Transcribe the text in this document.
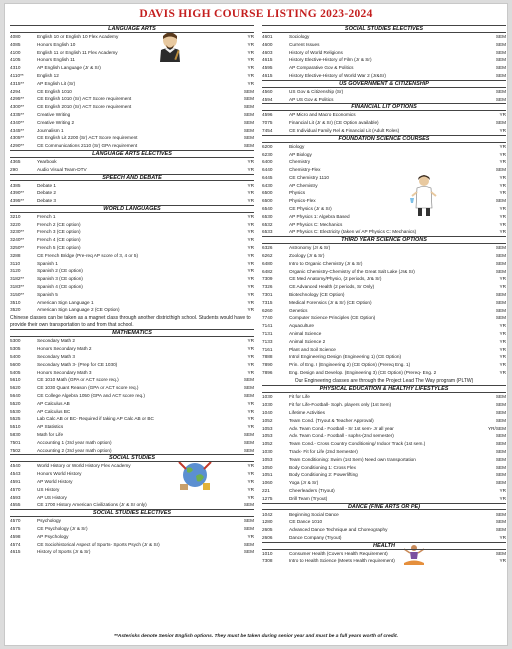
DAVIS HIGH COURSE LISTING 2023-2024
LANGUAGE ARTS
4080	English 10 or English 10 Flex Academy	YR
4085	Honors English 10	YR
4100	English 11 or English 11 Flex Academy	YR
4105	Honors English 11	YR
4310	AP English Language (Jr & Sr)	YR
4110**	English 12	YR
4315**	AP English Lit (Sr)	YR
4294	CE English 1010	SEM
4295**	CE English 1010 (Sr) ACT Score requirement	SEM
4300**	CE English 2010 (Sr) ACT Score requirement	SEM
4335**	Creative Writing	SEM
4340**	Creative Writing 2	SEM
4345**	Journalism 1	SEM
4305**	CE English Lit 2200 (Sr) ACT Score requirement	SEM
4290**	CE Communications 2110 (Sr) GPA requirement	SEM
LANGUAGE ARTS ELECTIVES
4365	Yearbook	YR
290	Audio Visual Team-DTV	YR
SPEECH AND DEBATE
4385	Debate 1	YR
4390**	Debate 2	YR
4395**	Debate 3	YR
WORLD LANGUAGES
3210	French 1	YR
3220	French 2 (CE option)	YR
3230**	French 3 (CE option)	YR
3240**	French 4 (CE option)	YR
3250**	French 5 (CE option)	YR
3288	CE French Bridge (Pre-req AP score of 3, 4 or 5)	YR
3110	Spanish 1	YR
3120	Spanish 2 (CE option)	YR
3182**	Spanish 3 (CE option)	YR
3183**	Spanish 4 (CE option)	YR
3150**	Spanish 5	YR
3510	American Sign Language 1	YR
3520	American Sign Language 2 (CE Option)	YR
Chinese classes can be taken as a magnet class through another districthigh school. Students would have to provide their own transportation to and from that school.
MATHEMATICS
5300	Secondary Math 2	YR
5305	Honors Secondary Math 2	YR
5400	Secondary Math 3	YR
5600	Secondary Math 3- (Prep for CE 1030)	YR
5405	Honors Secondary Math 3	YR
5610	CE 1010 Math (GPA or ACT score req.)	SEM
5620	CE 1030 Quant Reason (GPA or ACT score req.)	SEM
5640	CE College Algebra 1050 (GPA and ACT score req.)	SEM
5520	AP Calculus AB	YR
5530	AP Calculus BC	YR
5525	Lab Calc AB or BC- Required if taking AP Calc AB or BC	YR
5510	AP Statistics	YR
5830	Math for Life	SEM
7501	Accounting 1 (3rd year math option)	SEM
7502	Accounting 2 (3rd year math option)	SEM
SOCIAL STUDIES
4540	World History or World History Flex Academy	YR
4543	Honors World History	YR
4591	AP World History	YR
4570	US History	YR
4593	AP US History	YR
4555	CE 1700 History American Civilizations (Jr & Sr only)	SEM
SOCIAL STUDIES ELECTIVES
4570	Psychology	SEM
4575	CE Psychology (Jr & Sr)	SEM
4598	AP Psychology	YR
4574	CE Sociohistorical Aspect of Sports- Sports Psych (Jr & Sr)	SEM
4615	History of Sports (Jr & Sr)	SEM
SOCIAL STUDIES ELECTIVES
4601	Sociology	SEM
4600	Current Issues	SEM
4603	History of World Religions	SEM
4615	History Elective-History of Film (Jr & Sr)	SEM
4595	AP Comparative Gov & Politics	SEM
4615	History Elective-History of World War 2 (Jr&Sr)	SEM
US GOVERNMENT & CITIZENSHIP
4560	US Gov & Citizenship (Sr)	SEM
4594	AP US Gov & Politics	SEM
FINANCIAL LIT OPTIONS
4596	AP Micro and Macro Economics	YR
7075	Financial Lit (Jr & Sr) (CE Option available)	SEM
7454	CE Individual Family Rel & Financial Lit (Adult Roles)	YR
FOUNDATION SCIENCE COURSES
6200	Biology	YR
6230	AP Biology	YR
6400	Chemistry	YR
6440	Chemistry-Flex	SEM
6445	CE Chemistry 1110	YR
6430	AP Chemistry	YR
6500	Physics	YR
6500	Physics-Flex	SEM
6540	CE Physics (Jr & Sr)	YR
6530	AP Physics 1: Algebra Based	YR
6532	AP Physics C: Mechanics	YR
6533	AP Physics C: Electricity (taken w/ AP Physics C: Mechanics)	YR
THIRD YEAR SCIENCE OPTIONS
6326	Astronomy (Jr & Sr)	SEM
6262	Zoology (Jr & Sr)	SEM
6480	Intro to Organic Chemistry (Jr & Sr)	SEM
6482	Organic Chemistry-Chemistry of the Great Salt Lake (Jr& Sr)	SEM
7309	CE Med Anatomy/Physio, (2 periods, Jr& Sr)	YR
7326	CE Advanced Health (2 periods, Sr Only)	YR
7301	Biotechnology (CE Option)	SEM
7315	Medical Forensics (Jr & Sr) (CE Option)	SEM
6260	Genetics	SEM
7740	Computer Science Principles (CE Option)	SEM
7141	Aquaculture	YR
7131	Animal Science	YR
7133	Animal Science 2	YR
7161	Plant and Soil Science	YR
7888	Introl Engineering Design (Engineering 1) (CE Option)	YR
7890	Prin. of Eng. I (Engineering 2) (CE Option) (Prereq Eng. 1)	YR
7896	Eng. Design and Develop. (Engineering 3) (CE Option) (Prereq- Eng. 2	YR
Our Engineering classes are through the Project Lead The Way program (PLTW)
PHYSICAL EDUCATION & HEALTHY LIFESTYLES
1030	Fit for Life	SEM
1030	Fit for Life-Football- Soph. players only (1st Sem)	SEM
1040	Lifetime Activities	SEM
1052	Team Cond. (Tryout & Teacher Approval)	SEM
1053	Adv. Team Cond.- Football - Sr 1st sem- Jr all year	YR/SEM
1053	Adv. Team Cond.- Football - sophs-(2nd semester)	SEM
1052	Team Cond.- Cross Country Conditioning/ Indoor Track (1st sem.)	SEM
1030	Track- Fit for Life (2nd Semester)	SEM
1053	Team Conditioning: Swim (1st Sem) Need own transportation	SEM
1050	Body Conditioning 1: Cross Flex	SEM
1051	Body Conditioning 2: Powerlifting	SEM
1060	Yoga (Jr & Sr)	SEM
221	Cheerleaders (Tryout)	YR
1275	Drill Team (Tryout)	YR
DANCE (FINE ARTS OR PE)
1042	Beginning Social Dance	SEM
1280	CE Dance 1010	SEM
2605	Advanced Dance Technique and Choreography	SEM
2606	Dance Company (Tryout)	YR
HEALTH
1010	Consumer Health (Covers Health Requirement)	SEM
7308	Intro to Health Science (Meets Health requirement)	YR
**Asterisks denote Senior English options. They must be taken during senior year and must be a full years worth of credit.
